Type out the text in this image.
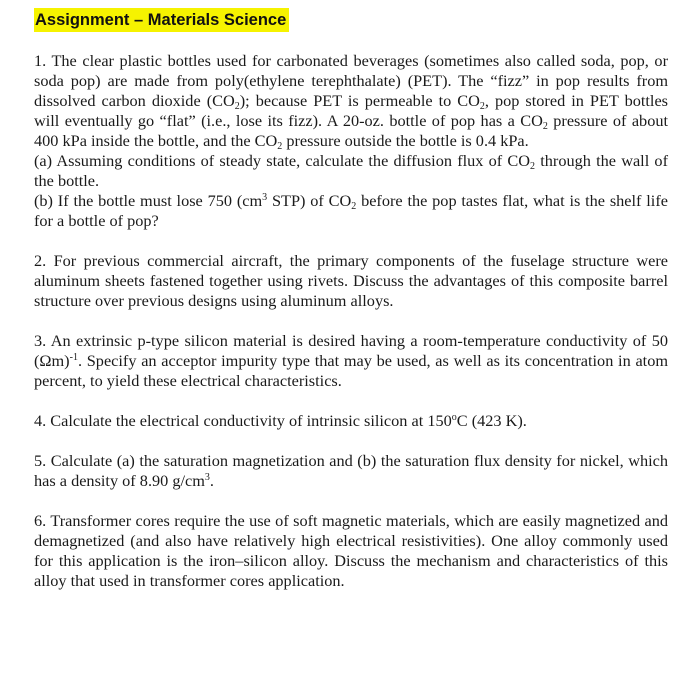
Assignment – Materials Science

1. The clear plastic bottles used for carbonated beverages (sometimes also called soda, pop, or soda pop) are made from poly(ethylene terephthalate) (PET). The “fizz” in pop results from dissolved carbon dioxide $(CO_2)$; because PET is permeable to $CO_2$, pop stored in PET bottles will eventually go “flat” (i.e., lose its fizz). A 20-oz. bottle of pop has a $CO_2$ pressure of about 400 kPa inside the bottle, and the $CO_2$ pressure outside the bottle is 0.4 kPa.

(a) Assuming conditions of steady state, calculate the diffusion flux of $CO_2$ through the wall of the bottle.

(b) If the bottle must lose 750 ($cm^3$ STP) of $CO_2$ before the pop tastes flat, what is the shelf life for a bottle of pop?

2. For previous commercial aircraft, the primary components of the fuselage structure were aluminum sheets fastened together using rivets. Discuss the advantages of this composite barrel structure over previous designs using aluminum alloys.

3. An extrinsic p-type silicon material is desired having a room-temperature conductivity of 50 $(\Omega m)^{-1}$. Specify an acceptor impurity type that may be used, as well as its concentration in atom percent, to yield these electrical characteristics.

4. Calculate the electrical conductivity of intrinsic silicon at 150$^o$C (423 K).

5. Calculate (a) the saturation magnetization and (b) the saturation flux density for nickel, which has a density of 8.90 $g/cm^3$.

6. Transformer cores require the use of soft magnetic materials, which are easily magnetized and demagnetized (and also have relatively high electrical resistivities). One alloy commonly used for this application is the iron–silicon alloy. Discuss the mechanism and characteristics of this alloy that used in transformer cores application.
